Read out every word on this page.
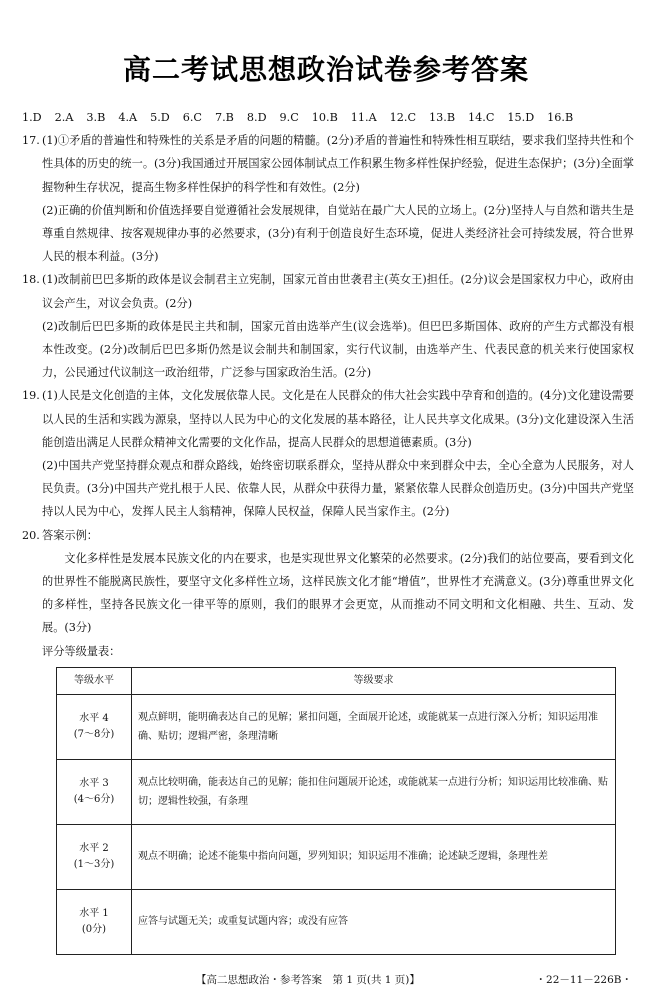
高二考试思想政治试卷参考答案
1.D 2.A 3.B 4.A 5.D 6.C 7.B 8.D 9.C 10.B 11.A 12.C 13.B 14.C 15.D 16.B
17. (1)①矛盾的普遍性和特殊性的关系是矛盾的问题的精髓。(2分)矛盾的普遍性和特殊性相互联结，要求我们坚持共性和个性具体的历史的统一。(3分)我国通过开展国家公园体制试点工作积累生物多样性保护经验，促进生态保护；(3分)全面掌握物种生存状况，提高生物多样性保护的科学性和有效性。(2分)

(2)正确的价值判断和价值选择要自觉遵循社会发展规律，自觉站在最广大人民的立场上。(2分)坚持人与自然和谐共生是尊重自然规律、按客观规律办事的必然要求，(3分)有利于创造良好生态环境，促进人类经济社会可持续发展，符合世界人民的根本利益。(3分)

18. (1)改制前巴巴多斯的政体是议会制君主立宪制，国家元首由世袭君主(英女王)担任。(2分)议会是国家权力中心，政府由议会产生，对议会负责。(2分)

(2)改制后巴巴多斯的政体是民主共和制，国家元首由选举产生(议会选举)。但巴巴多斯国体、政府的产生方式都没有根本性改变。(2分)改制后巴巴多斯仍然是议会制共和制国家，实行代议制，由选举产生、代表民意的机关来行使国家权力，公民通过代议制这一政治纽带，广泛参与国家政治生活。(2分)

19. (1)人民是文化创造的主体，文化发展依靠人民。文化是在人民群众的伟大社会实践中孕育和创造的。(4分)文化建设需要以人民的生活和实践为源泉，坚持以人民为中心的文化发展的基本路径，让人民共享文化成果。(3分)文化建设深入生活能创造出满足人民群众精神文化需要的文化作品，提高人民群众的思想道德素质。(3分)

(2)中国共产党坚持群众观点和群众路线，始终密切联系群众，坚持从群众中来到群众中去，全心全意为人民服务，对人民负责。(3分)中国共产党扎根于人民、依靠人民，从群众中获得力量，紧紧依靠人民群众创造历史。(3分)中国共产党坚持以人民为中心，发挥人民主人翁精神，保障人民权益，保障人民当家作主。(2分)

20. 答案示例：

文化多样性是发展本民族文化的内在要求，也是实现世界文化繁荣的必然要求。(2分)我们的站位要高，要看到文化的世界性不能脱离民族性，要坚守文化多样性立场，这样民族文化才能“增值”，世界性才充满意义。(3分)尊重世界文化的多样性，坚持各民族文化一律平等的原则，我们的眼界才会更宽，从而推动不同文明和文化相融、共生、互动、发展。(3分)

评分等级量表：

等级水平	等级要求

水平 4
(7～8分)	观点鲜明，能明确表达自己的见解；紧扣问题，全面展开论述，或能就某一点进行深入分析；知识运用准确、贴切；逻辑严密，条理清晰

水平 3
(4～6分)	观点比较明确，能表达自己的见解；能扣住问题展开论述，或能就某一点进行分析；知识运用比较准确、贴切；逻辑性较强，有条理

水平 2
(1～3分)	观点不明确；论述不能集中指向问题，罗列知识；知识运用不准确；论述缺乏逻辑，条理性差

水平 1
(0分)	应答与试题无关；或重复试题内容；或没有应答
【高二思想政治・参考答案　第 1 页(共 1 页)】	・22－11－226B・
